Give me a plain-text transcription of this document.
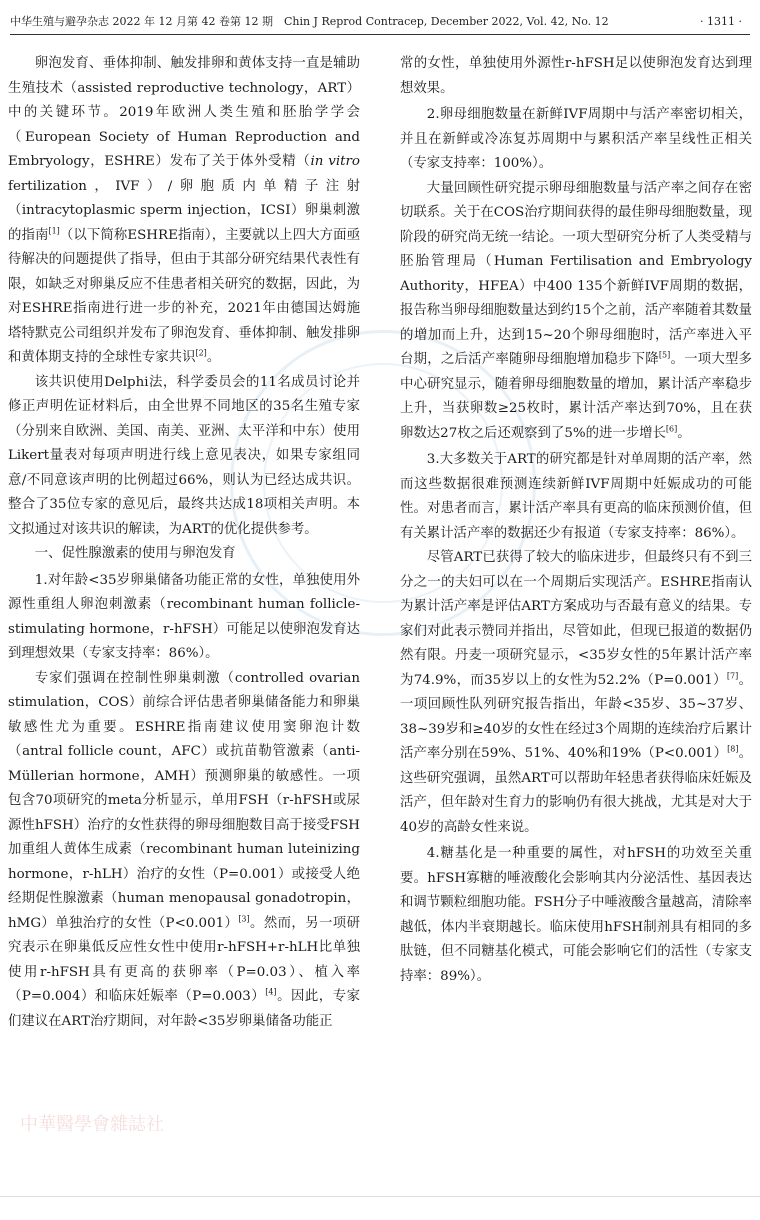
中华生殖与避孕杂志 2022 年 12 月第 42 卷第 12 期　Chin J Reprod Contracep, December 2022, Vol. 42, No. 12	· 1311 ·

卵泡发育、垂体抑制、触发排卵和黄体支持一直是辅助生殖技术（assisted reproductive technology，ART）中的关键环节。2019年欧洲人类生殖和胚胎学学会（European Society of Human Reproduction and Embryology，ESHRE）发布了关于体外受精（in vitro fertilization，IVF）/卵胞质内单精子注射（intracytoplasmic sperm injection，ICSI）卵巢刺激的指南[1]（以下简称ESHRE指南），主要就以上四大方面亟待解决的问题提供了指导，但由于其部分研究结果代表性有限，如缺乏对卵巢反应不佳患者相关研究的数据，因此，为对ESHRE指南进行进一步的补充，2021年由德国达姆施塔特默克公司组织并发布了卵泡发育、垂体抑制、触发排卵和黄体期支持的全球性专家共识[2]。

该共识使用Delphi法，科学委员会的11名成员讨论并修正声明佐证材料后，由全世界不同地区的35名生殖专家（分别来自欧洲、美国、南美、亚洲、太平洋和中东）使用Likert量表对每项声明进行线上意见表决，如果专家组同意/不同意该声明的比例超过66%，则认为已经达成共识。整合了35位专家的意见后，最终共达成18项相关声明。本文拟通过对该共识的解读，为ART的优化提供参考。

一、促性腺激素的使用与卵泡发育

1.对年龄<35岁卵巢储备功能正常的女性，单独使用外源性重组人卵泡刺激素（recombinant human follicle-stimulating hormone，r-hFSH）可能足以使卵泡发育达到理想效果（专家支持率：86%）。

专家们强调在控制性卵巢刺激（controlled ovarian stimulation，COS）前综合评估患者卵巢储备能力和卵巢敏感性尤为重要。ESHRE指南建议使用窦卵泡计数（antral follicle count，AFC）或抗苗勒管激素（anti-Müllerian hormone，AMH）预测卵巢的敏感性。一项包含70项研究的meta分析显示，单用FSH（r-hFSH或尿源性hFSH）治疗的女性获得的卵母细胞数目高于接受FSH加重组人黄体生成素（recombinant human luteinizing hormone，r-hLH）治疗的女性（P=0.001）或接受人绝经期促性腺激素（human menopausal gonadotropin，hMG）单独治疗的女性（P<0.001）[3]。然而，另一项研究表示在卵巢低反应性女性中使用r-hFSH+r-hLH比单独使用r-hFSH具有更高的获卵率（P=0.03）、植入率（P=0.004）和临床妊娠率（P=0.003）[4]。因此，专家们建议在ART治疗期间，对年龄<35岁卵巢储备功能正

常的女性，单独使用外源性r-hFSH足以使卵泡发育达到理想效果。

2.卵母细胞数量在新鲜IVF周期中与活产率密切相关，并且在新鲜或冷冻复苏周期中与累积活产率呈线性正相关（专家支持率：100%）。

大量回顾性研究提示卵母细胞数量与活产率之间存在密切联系。关于在COS治疗期间获得的最佳卵母细胞数量，现阶段的研究尚无统一结论。一项大型研究分析了人类受精与胚胎管理局（Human Fertilisation and Embryology Authority，HFEA）中400 135个新鲜IVF周期的数据，报告称当卵母细胞数量达到约15个之前，活产率随着其数量的增加而上升，达到15~20个卵母细胞时，活产率进入平台期，之后活产率随卵母细胞增加稳步下降[5]。一项大型多中心研究显示，随着卵母细胞数量的增加，累计活产率稳步上升，当获卵数≥25枚时，累计活产率达到70%，且在获卵数达27枚之后还观察到了5%的进一步增长[6]。

3.大多数关于ART的研究都是针对单周期的活产率，然而这些数据很难预测连续新鲜IVF周期中妊娠成功的可能性。对患者而言，累计活产率具有更高的临床预测价值，但有关累计活产率的数据还少有报道（专家支持率：86%）。

尽管ART已获得了较大的临床进步，但最终只有不到三分之一的夫妇可以在一个周期后实现活产。ESHRE指南认为累计活产率是评估ART方案成功与否最有意义的结果。专家们对此表示赞同并指出，尽管如此，但现已报道的数据仍然有限。丹麦一项研究显示，<35岁女性的5年累计活产率为74.9%，而35岁以上的女性为52.2%（P=0.001）[7]。一项回顾性队列研究报告指出，年龄<35岁、35~37岁、38~39岁和≥40岁的女性在经过3个周期的连续治疗后累计活产率分别在59%、51%、40%和19%（P<0.001）[8]。这些研究强调，虽然ART可以帮助年轻患者获得临床妊娠及活产，但年龄对生育力的影响仍有很大挑战，尤其是对大于40岁的高龄女性来说。

4.糖基化是一种重要的属性，对hFSH的功效至关重要。hFSH寡糖的唾液酸化会影响其内分泌活性、基因表达和调节颗粒细胞功能。FSH分子中唾液酸含量越高，清除率越低，体内半衰期越长。临床使用hFSH制剂具有相同的多肽链，但不同糖基化模式，可能会影响它们的活性（专家支持率：89%）。

中華醫學會雜誌社
